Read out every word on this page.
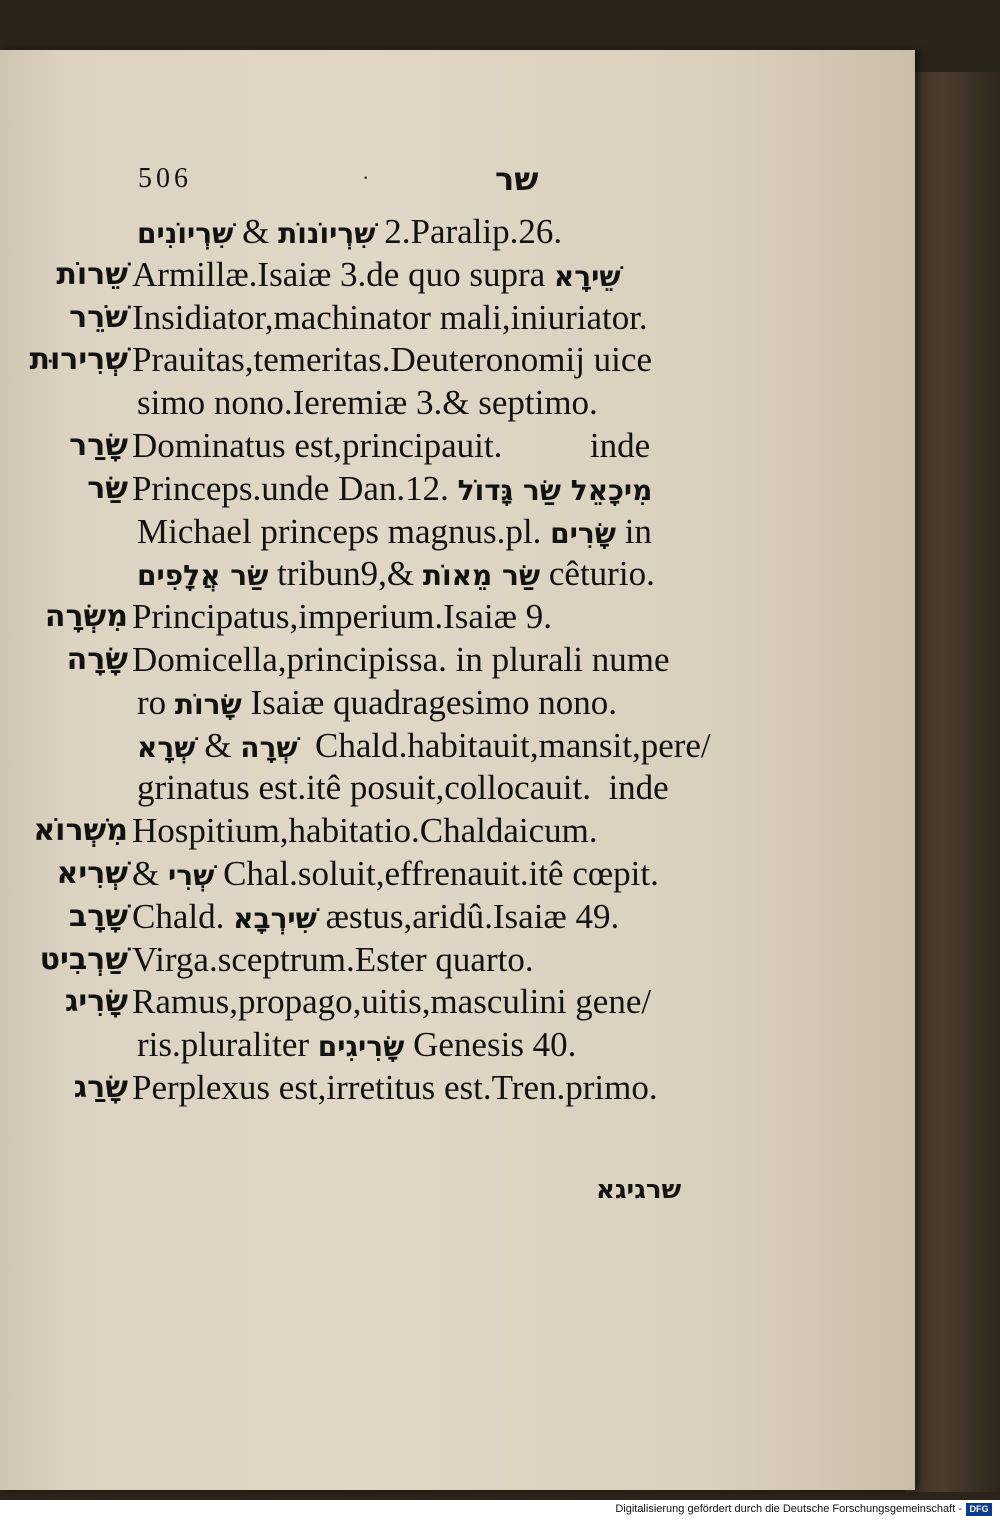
506	·	שר
שִׁרְיוֹנִים & שִׁרְיוֹנוֹת 2.Paralip.26.
שֵׁרוֹת Armillæ.Isaiæ 3.de quo supra שֵׁירָא
שֹׁרֵר Insidiator,machinator mali,iniuriator.
שְׁרִירוּת Prauitas,temeritas.Deuteronomij uice
simo nono.Ieremiæ 3.& septimo.
שָׂרַר Dominatus est,principauit.          inde
שַׂר Princeps.unde Dan.12. מִיכָאֵל שַׂר גָּדוֹל
Michael princeps magnus.pl. שָׂרִים in
שַׂר אֲלָפִים tribun9,& שַׂר מֵאוֹת cêturio.
מִשְׂרָה Principatus,imperium.Isaiæ 9.
שָׂרָה Domicella,principissa. in plurali nume
ro שָׂרוֹת Isaiæ quadragesimo nono.
שְׁרָא & שְׁרָה  Chald.habitauit,mansit,pere/
grinatus est.itê posuit,collocauit.  inde
מִשְׁרוֹא Hospitium,habitatio.Chaldaicum.
שְׁרִיא & שְׁרִי Chal.soluit,effrenauit.itê cœpit.
שָׁרָב Chald. שִׁירְבָא æstus,aridû.Isaiæ 49.
שַׁרְבִיט Virga.sceptrum.Ester quarto.
שָׂרִיג Ramus,propago,uitis,masculini gene/
ris.pluraliter שָׂרִיגִים Genesis 40.
שָׂרַג Perplexus est,irretitus est.Tren.primo.
שרגיגא
Digitalisierung gefördert durch die Deutsche Forschungsgemeinschaft - DFG
